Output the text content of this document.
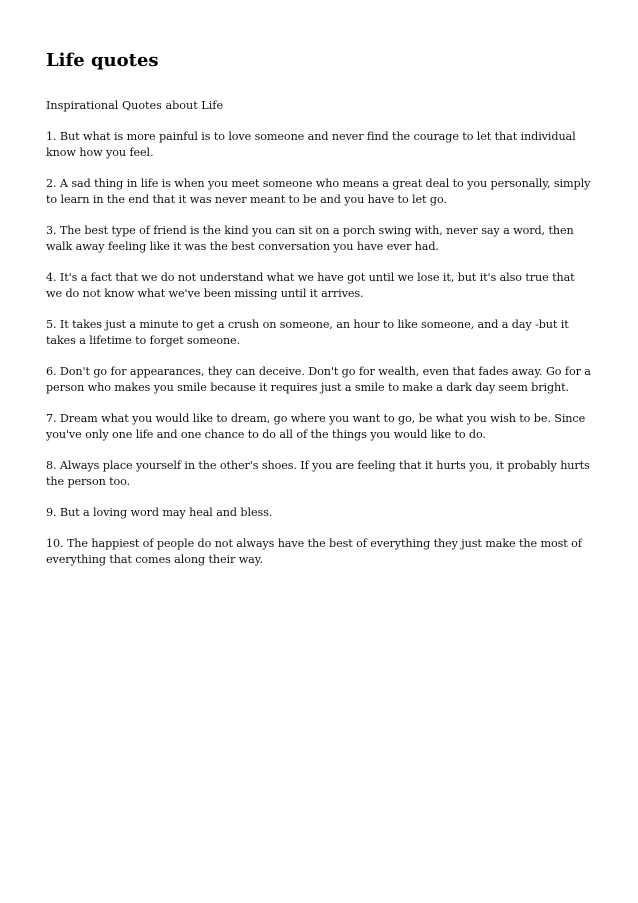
Life quotes

Inspirational Quotes about Life

1. But what is more painful is to love someone and never find the courage to let that individual know how you feel.
2. A sad thing in life is when you meet someone who means a great deal to you personally, simply to learn in the end that it was never meant to be and you have to let go.
3. The best type of friend is the kind you can sit on a porch swing with, never say a word, then walk away feeling like it was the best conversation you have ever had.
4. It's a fact that we do not understand what we have got until we lose it, but it's also true that we do not know what we've been missing until it arrives.
5. It takes just a minute to get a crush on someone, an hour to like someone, and a day -but it takes a lifetime to forget someone.
6. Don't go for appearances, they can deceive. Don't go for wealth, even that fades away. Go for a person who makes you smile because it requires just a smile to make a dark day seem bright.
7. Dream what you would like to dream, go where you want to go, be what you wish to be. Since you've only one life and one chance to do all of the things you would like to do.
8. Always place yourself in the other's shoes. If you are feeling that it hurts you, it probably hurts the person too.
9. But a loving word may heal and bless.
10. The happiest of people do not always have the best of everything they just make the most of everything that comes along their way.
